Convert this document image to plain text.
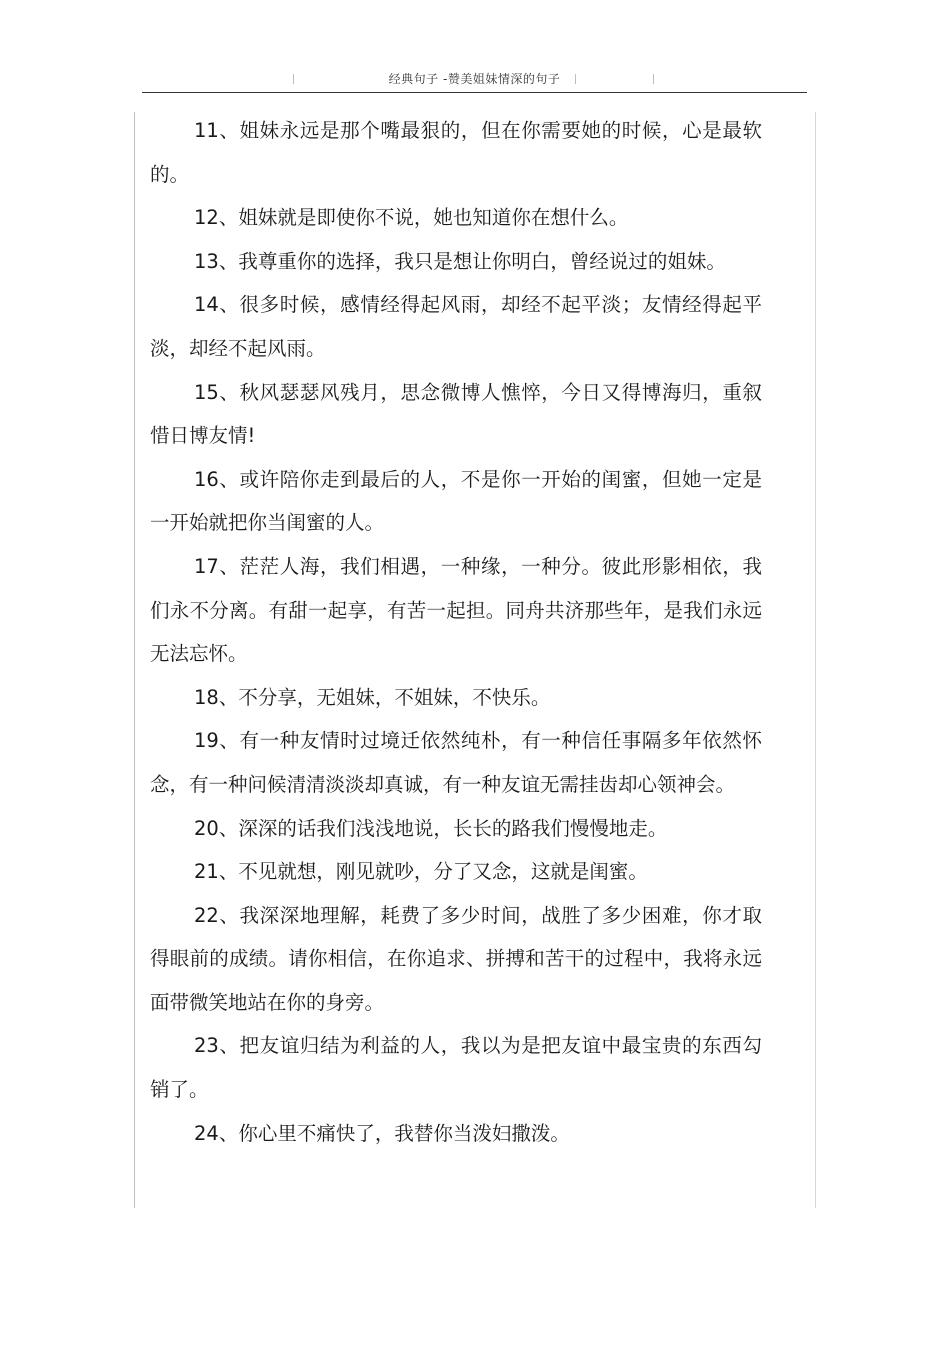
经典句子 -赞美姐妹情深的句子

11、姐妹永远是那个嘴最狠的，但在你需要她的时候，心是最软的。

12、姐妹就是即使你不说，她也知道你在想什么。

13、我尊重你的选择，我只是想让你明白，曾经说过的姐妹。

14、很多时候，感情经得起风雨，却经不起平淡；友情经得起平淡，却经不起风雨。

15、秋风瑟瑟风残月，思念微博人憔悴，今日又得博海归，重叙惜日博友情!

16、或许陪你走到最后的人，不是你一开始的闺蜜，但她一定是一开始就把你当闺蜜的人。

17、茫茫人海，我们相遇，一种缘，一种分。彼此形影相依，我们永不分离。有甜一起享，有苦一起担。同舟共济那些年，是我们永远无法忘怀。

18、不分享，无姐妹，不姐妹，不快乐。

19、有一种友情时过境迁依然纯朴，有一种信任事隔多年依然怀念，有一种问候清清淡淡却真诚，有一种友谊无需挂齿却心领神会。

20、深深的话我们浅浅地说，长长的路我们慢慢地走。

21、不见就想，刚见就吵，分了又念，这就是闺蜜。

22、我深深地理解，耗费了多少时间，战胜了多少困难，你才取得眼前的成绩。请你相信，在你追求、拼搏和苦干的过程中，我将永远面带微笑地站在你的身旁。

23、把友谊归结为利益的人，我以为是把友谊中最宝贵的东西勾销了。

24、你心里不痛快了，我替你当泼妇撒泼。
